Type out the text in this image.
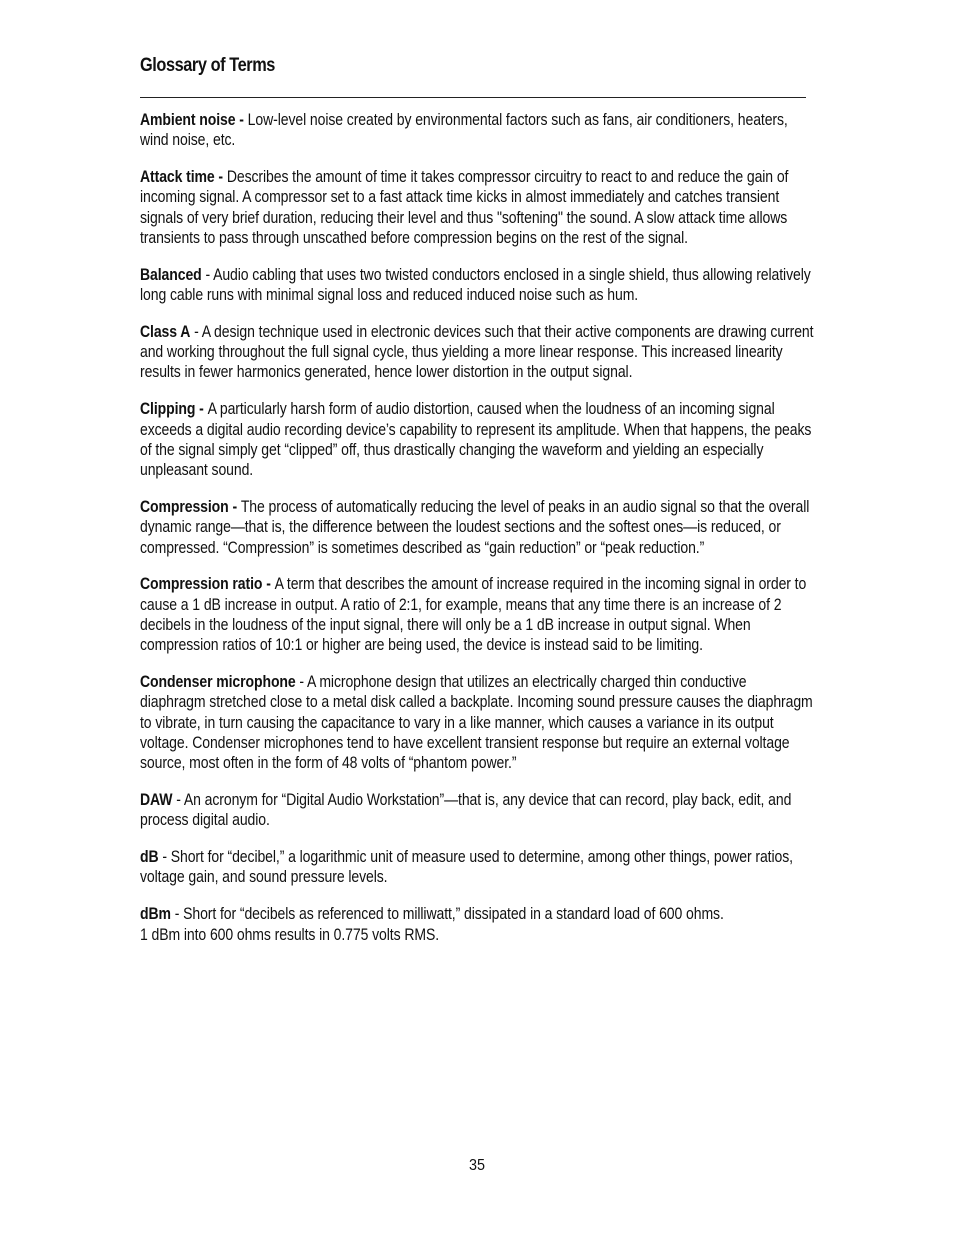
Glossary of Terms

Ambient noise - Low-level noise created by environmental factors such as fans, air conditioners, heaters, wind noise, etc.

Attack time - Describes the amount of time it takes compressor circuitry to react to and reduce the gain of incoming signal. A compressor set to a fast attack time kicks in almost immediately and catches transient signals of very brief duration, reducing their level and thus "softening" the sound. A slow attack time allows transients to pass through unscathed before compression begins on the rest of the signal.

Balanced - Audio cabling that uses two twisted conductors enclosed in a single shield, thus allowing relatively long cable runs with minimal signal loss and reduced induced noise such as hum.

Class A - A design technique used in electronic devices such that their active components are drawing current and working throughout the full signal cycle, thus yielding a more linear response. This increased linearity results in fewer harmonics generated, hence lower distortion in the output signal.

Clipping - A particularly harsh form of audio distortion, caused when the loudness of an incoming signal exceeds a digital audio recording device’s capability to represent its amplitude. When that happens, the peaks of the signal simply get “clipped” off, thus drastically changing the waveform and yielding an especially unpleasant sound.

Compression - The process of automatically reducing the level of peaks in an audio signal so that the overall dynamic range—that is, the difference between the loudest sections and the softest ones—is reduced, or compressed. “Compression” is sometimes described as “gain reduction” or “peak reduction.”

Compression ratio - A term that describes the amount of increase required in the incoming signal in order to cause a 1 dB increase in output. A ratio of 2:1, for example, means that any time there is an increase of 2 decibels in the loudness of the input signal, there will only be a 1 dB increase in output signal. When compression ratios of 10:1 or higher are being used, the device is instead said to be limiting.

Condenser microphone - A microphone design that utilizes an electrically charged thin conductive diaphragm stretched close to a metal disk called a backplate. Incoming sound pressure causes the diaphragm to vibrate, in turn causing the capacitance to vary in a like manner, which causes a variance in its output voltage. Condenser microphones tend to have excellent transient response but require an external voltage source, most often in the form of 48 volts of “phantom power.”

DAW - An acronym for “Digital Audio Workstation”—that is, any device that can record, play back, edit, and process digital audio.

dB - Short for “decibel,” a logarithmic unit of measure used to determine, among other things, power ratios, voltage gain, and sound pressure levels.

dBm - Short for “decibels as referenced to milliwatt,” dissipated in a standard load of 600 ohms.
1 dBm into 600 ohms results in 0.775 volts RMS.

35
